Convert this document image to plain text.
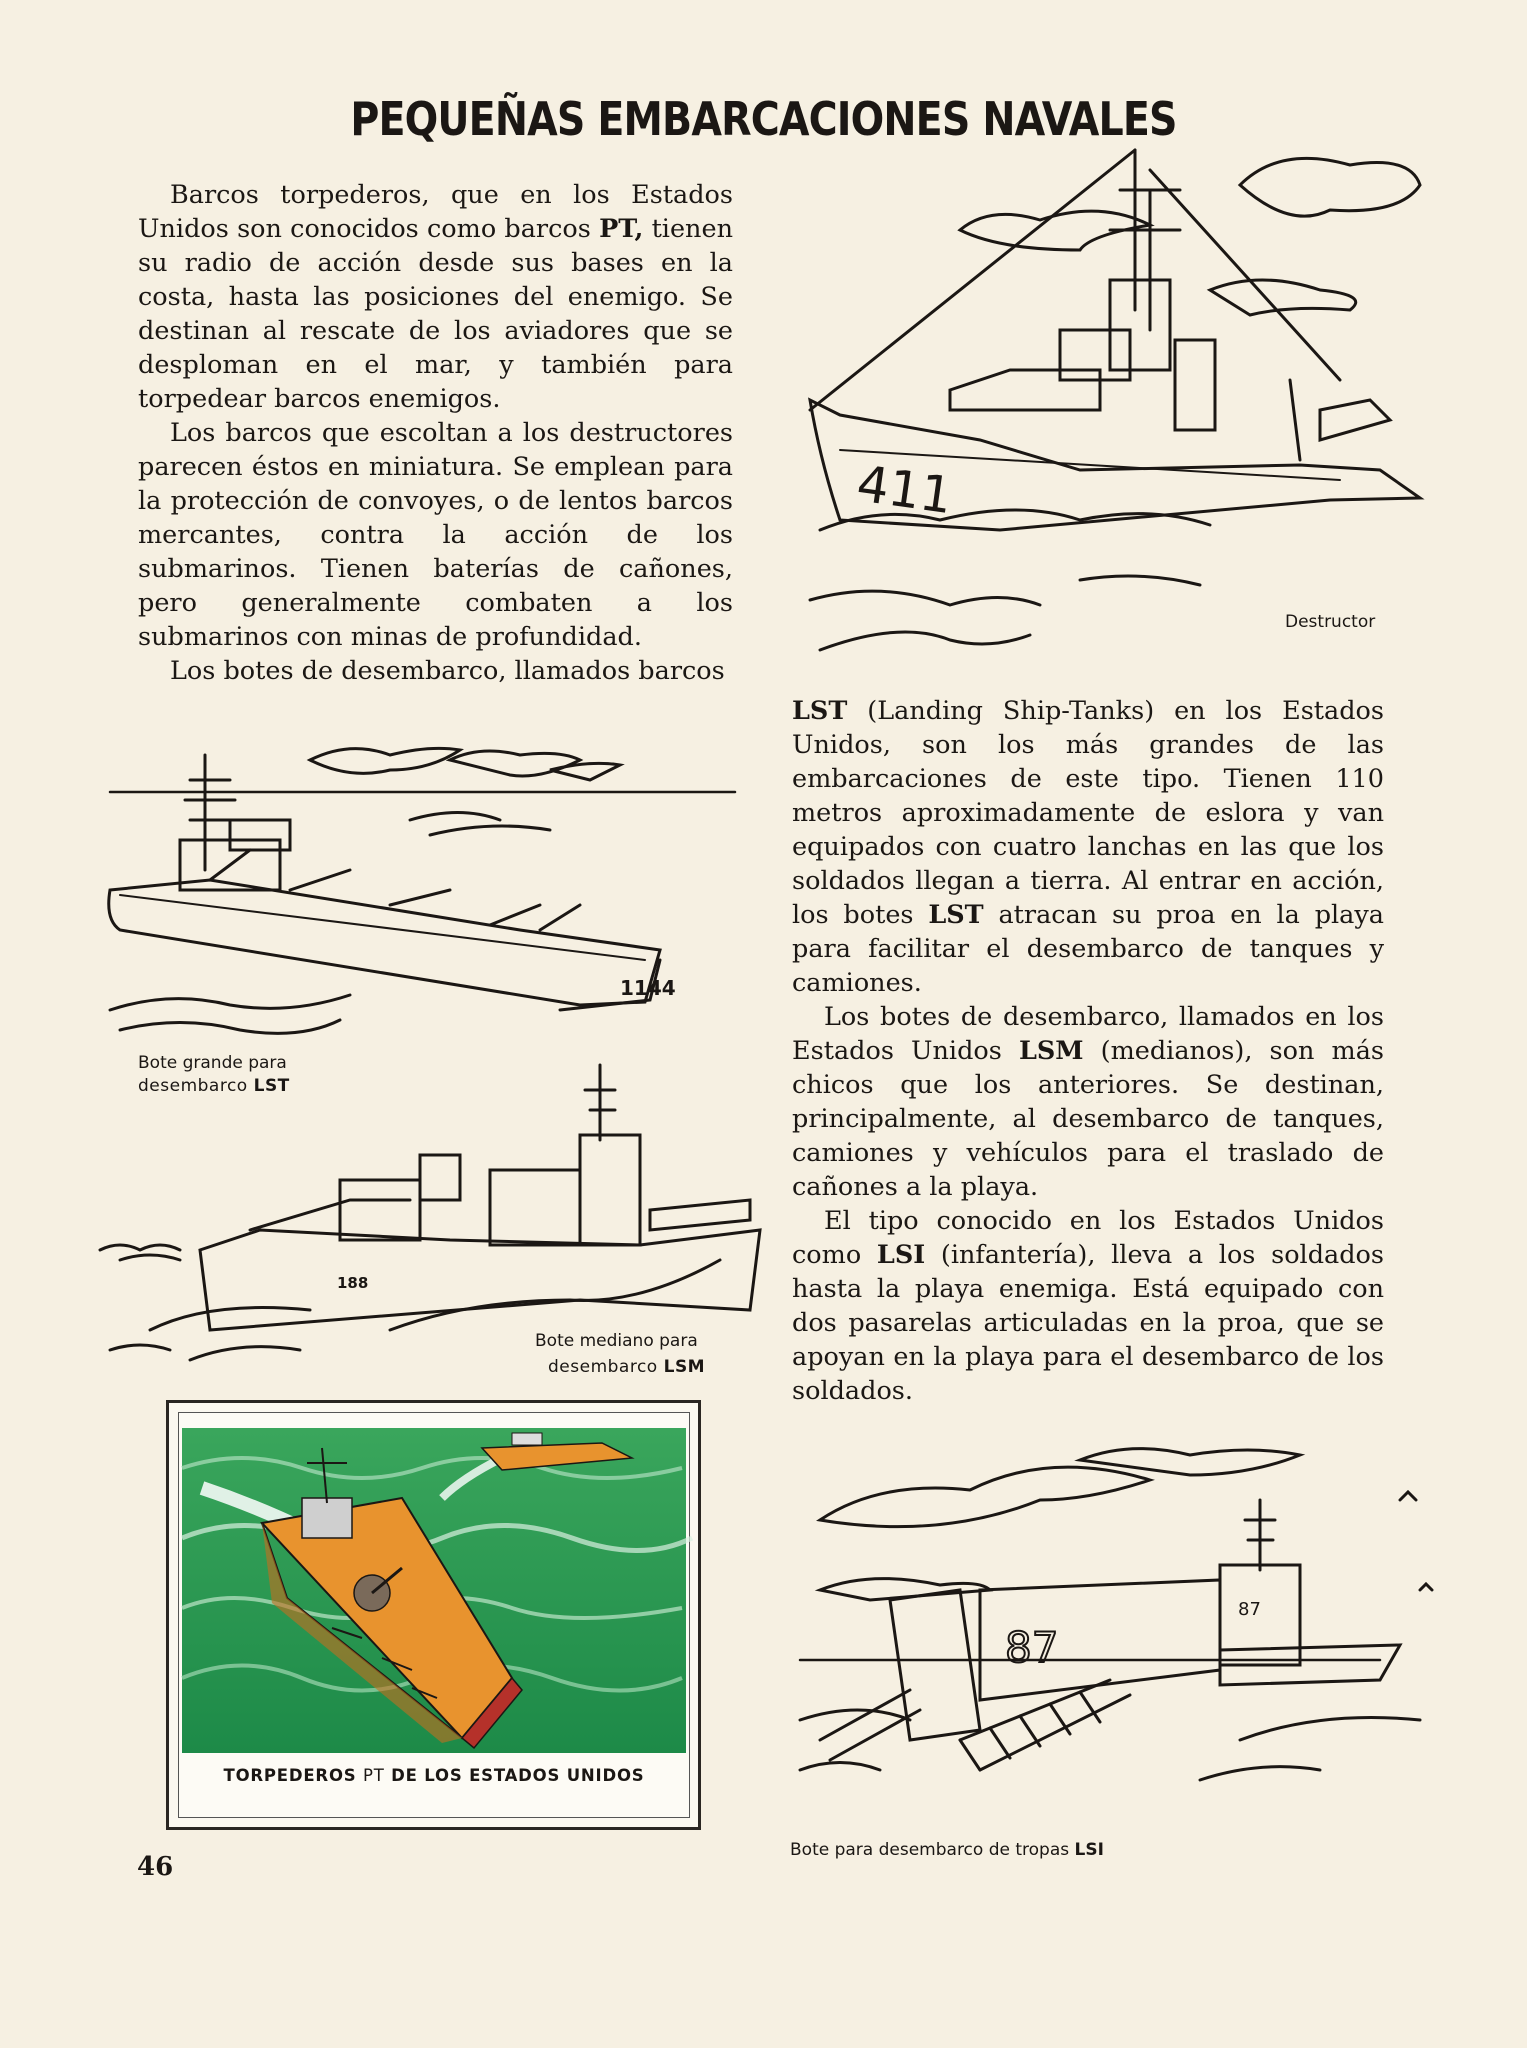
PEQUEÑAS EMBARCACIONES NAVALES

Barcos torpederos, que en los Estados Unidos son conocidos como barcos PT, tienen su radio de acción desde sus bases en la costa, hasta las posiciones del enemigo. Se destinan al rescate de los aviadores que se desploman en el mar, y también para torpedear barcos enemigos.

Los barcos que escoltan a los destructores parecen éstos en miniatura. Se emplean para la protección de convoyes, o de lentos barcos mercantes, contra la acción de los submarinos. Tienen baterías de cañones, pero generalmente combaten a los submarinos con minas de profundidad.

Los botes de desembarco, llamados barcos

LST (Landing Ship-Tanks) en los Estados Unidos, son los más grandes de las embarcaciones de este tipo. Tienen 110 metros aproximadamente de eslora y van equipados con cuatro lanchas en las que los soldados llegan a tierra. Al entrar en acción, los botes LST atracan su proa en la playa para facilitar el desembarco de tanques y camiones.

Los botes de desembarco, llamados en los Estados Unidos LSM (medianos), son más chicos que los anteriores. Se destinan, principalmente, al desembarco de tanques, camiones y vehículos para el traslado de cañones a la playa.

El tipo conocido en los Estados Unidos como LSI (infantería), lleva a los soldados hasta la playa enemiga. Está equipado con dos pasarelas articuladas en la proa, que se apoyan en la playa para el desembarco de los soldados.

411
Destructor
1144
Bote grande para
desembarco LST
188
Bote mediano para
desembarco LSM
TORPEDEROS PT DE LOS ESTADOS UNIDOS
87
87
Bote para desembarco de tropas LSI
46
